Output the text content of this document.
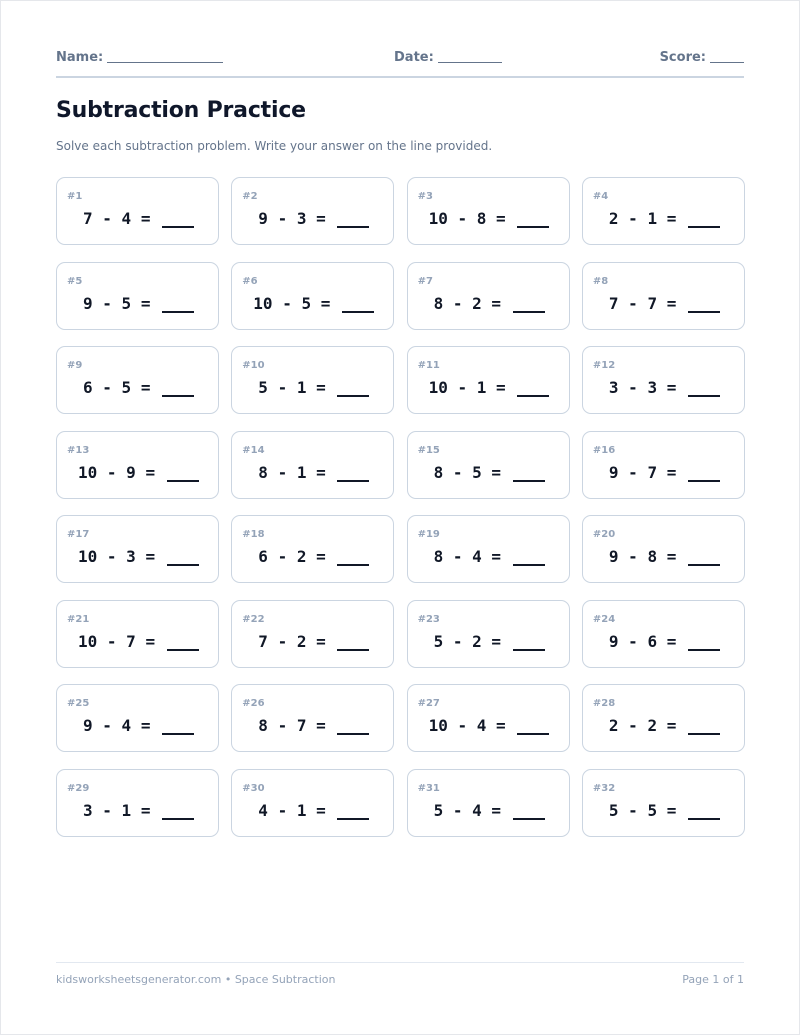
Name:	Date:	Score:
Subtraction Practice
Solve each subtraction problem. Write your answer on the line provided.
#1
7 - 4 =
#2
9 - 3 =
#3
10 - 8 =
#4
2 - 1 =
#5
9 - 5 =
#6
10 - 5 =
#7
8 - 2 =
#8
7 - 7 =
#9
6 - 5 =
#10
5 - 1 =
#11
10 - 1 =
#12
3 - 3 =
#13
10 - 9 =
#14
8 - 1 =
#15
8 - 5 =
#16
9 - 7 =
#17
10 - 3 =
#18
6 - 2 =
#19
8 - 4 =
#20
9 - 8 =
#21
10 - 7 =
#22
7 - 2 =
#23
5 - 2 =
#24
9 - 6 =
#25
9 - 4 =
#26
8 - 7 =
#27
10 - 4 =
#28
2 - 2 =
#29
3 - 1 =
#30
4 - 1 =
#31
5 - 4 =
#32
5 - 5 =
kidsworksheetsgenerator.com • Space Subtraction	Page 1 of 1
